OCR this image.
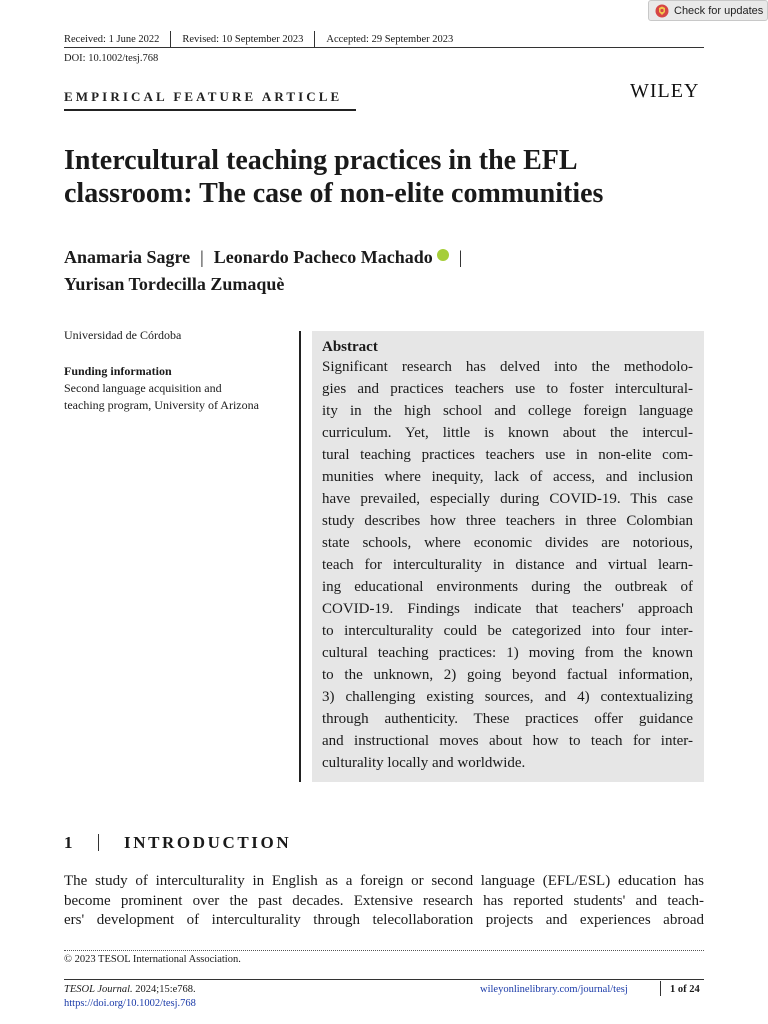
Check for updates
Received: 1 June 2022 Revised: 10 September 2023 Accepted: 29 September 2023
DOI: 10.1002/tesj.768
EMPIRICAL FEATURE ARTICLE	WILEY
Intercultural teaching practices in the EFL
classroom: The case of non-elite communities
Anamaria Sagre | Leonardo Pacheco Machado |
Yurisan Tordecilla Zumaquè
Universidad de Córdoba
Funding information
Second language acquisition and
teaching program, University of Arizona
Abstract
Significant research has delved into the methodolo-
gies and practices teachers use to foster intercultural-
ity in the high school and college foreign language
curriculum. Yet, little is known about the intercul-
tural teaching practices teachers use in non-elite com-
munities where inequity, lack of access, and inclusion
have prevailed, especially during COVID-19. This case
study describes how three teachers in three Colombian
state schools, where economic divides are notorious,
teach for interculturality in distance and virtual learn-
ing educational environments during the outbreak of
COVID-19. Findings indicate that teachers' approach
to interculturality could be categorized into four inter-
cultural teaching practices: 1) moving from the known
to the unknown, 2) going beyond factual information,
3) challenging existing sources, and 4) contextualizing
through authenticity. These practices offer guidance
and instructional moves about how to teach for inter-
culturality locally and worldwide.
1	INTRODUCTION
The study of interculturality in English as a foreign or second language (EFL/ESL) education has
become prominent over the past decades. Extensive research has reported students' and teach-
ers' development of interculturality through telecollaboration projects and experiences abroad
© 2023 TESOL International Association.
TESOL Journal. 2024;15:e768.
https://doi.org/10.1002/tesj.768
wileyonlinelibrary.com/journal/tesj	1 of 24
